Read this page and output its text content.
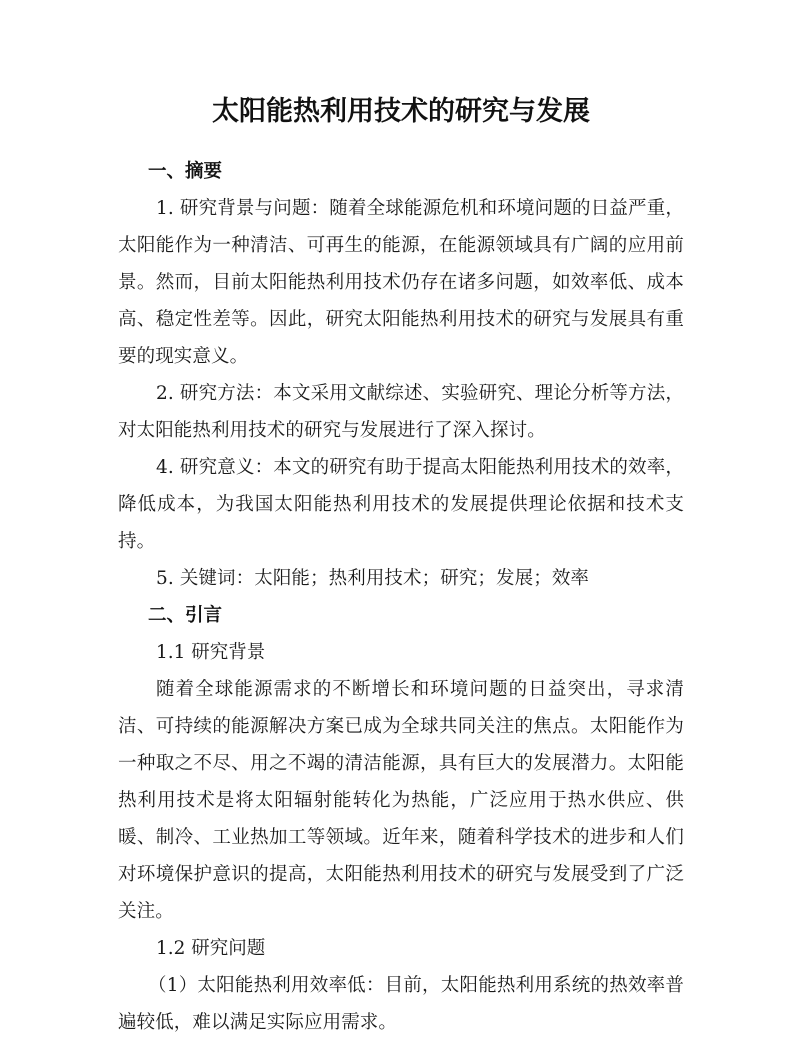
太阳能热利用技术的研究与发展
一、摘要

1. 研究背景与问题：随着全球能源危机和环境问题的日益严重，太阳能作为一种清洁、可再生的能源，在能源领域具有广阔的应用前景。然而，目前太阳能热利用技术仍存在诸多问题，如效率低、成本高、稳定性差等。因此，研究太阳能热利用技术的研究与发展具有重要的现实意义。

2. 研究方法：本文采用文献综述、实验研究、理论分析等方法，对太阳能热利用技术的研究与发展进行了深入探讨。

4. 研究意义：本文的研究有助于提高太阳能热利用技术的效率，降低成本，为我国太阳能热利用技术的发展提供理论依据和技术支持。

5. 关键词：太阳能；热利用技术；研究；发展；效率

二、引言

1.1 研究背景

随着全球能源需求的不断增长和环境问题的日益突出，寻求清洁、可持续的能源解决方案已成为全球共同关注的焦点。太阳能作为一种取之不尽、用之不竭的清洁能源，具有巨大的发展潜力。太阳能热利用技术是将太阳辐射能转化为热能，广泛应用于热水供应、供暖、制冷、工业热加工等领域。近年来，随着科学技术的进步和人们对环境保护意识的提高，太阳能热利用技术的研究与发展受到了广泛关注。

1.2 研究问题

（1）太阳能热利用效率低：目前，太阳能热利用系统的热效率普遍较低，难以满足实际应用需求。
